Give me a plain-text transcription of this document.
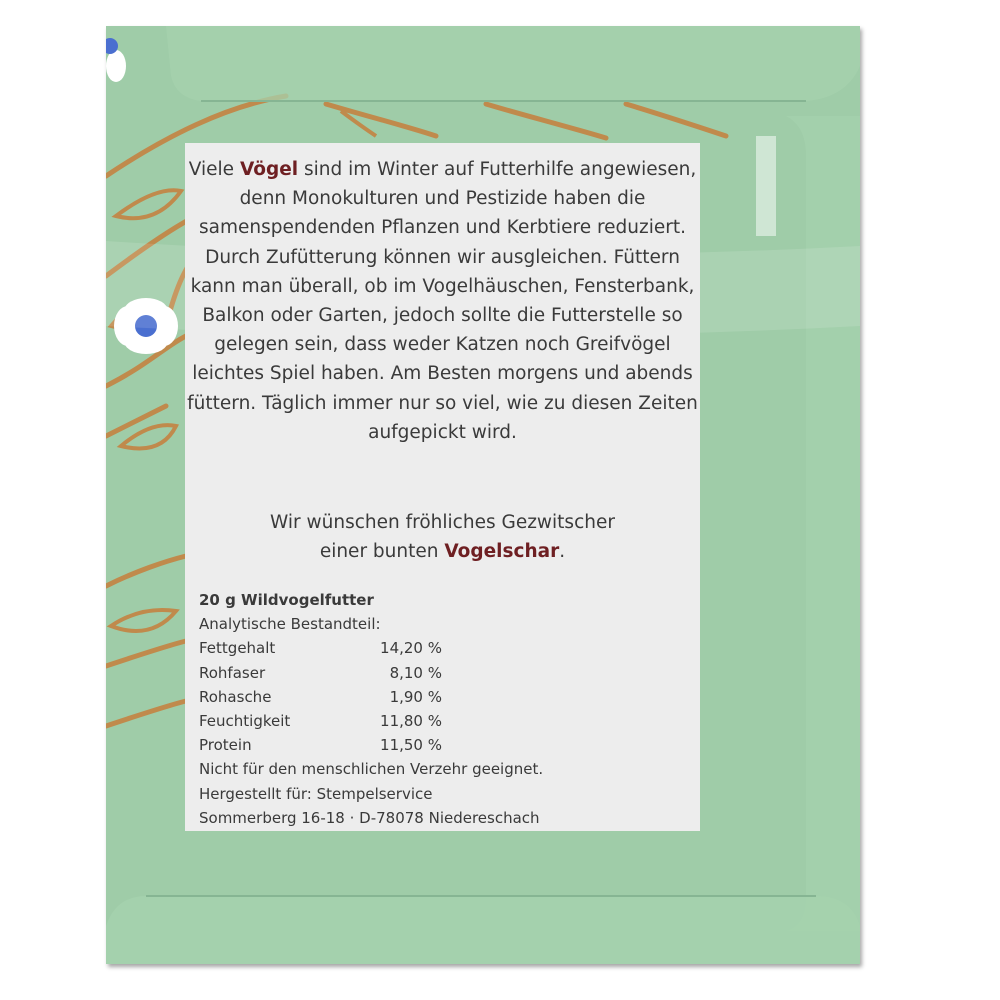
Viele Vögel sind im Winter auf Futterhilfe angewiesen, denn Monokulturen und Pestizide haben die samenspendenden Pflanzen und Kerbtiere reduziert. Durch Zufütterung können wir ausgleichen. Füttern kann man überall, ob im Vogelhäuschen, Fensterbank, Balkon oder Garten, jedoch sollte die Futterstelle so gelegen sein, dass weder Katzen noch Greifvögel leichtes Spiel haben. Am Besten morgens und abends füttern. Täglich immer nur so viel, wie zu diesen Zeiten aufgepickt wird.

Wir wünschen fröhliches Gezwitscher
einer bunten Vogelschar.
20 g Wildvogelfutter
Analytische Bestandteil:
Fettgehalt	14,20 %
Rohfaser	8,10 %
Rohasche	1,90 %
Feuchtigkeit	11,80 %
Protein	11,50 %
Nicht für den menschlichen Verzehr geeignet.
Hergestellt für: Stempelservice
Sommerberg 16-18 · D-78078 Niedereschach
